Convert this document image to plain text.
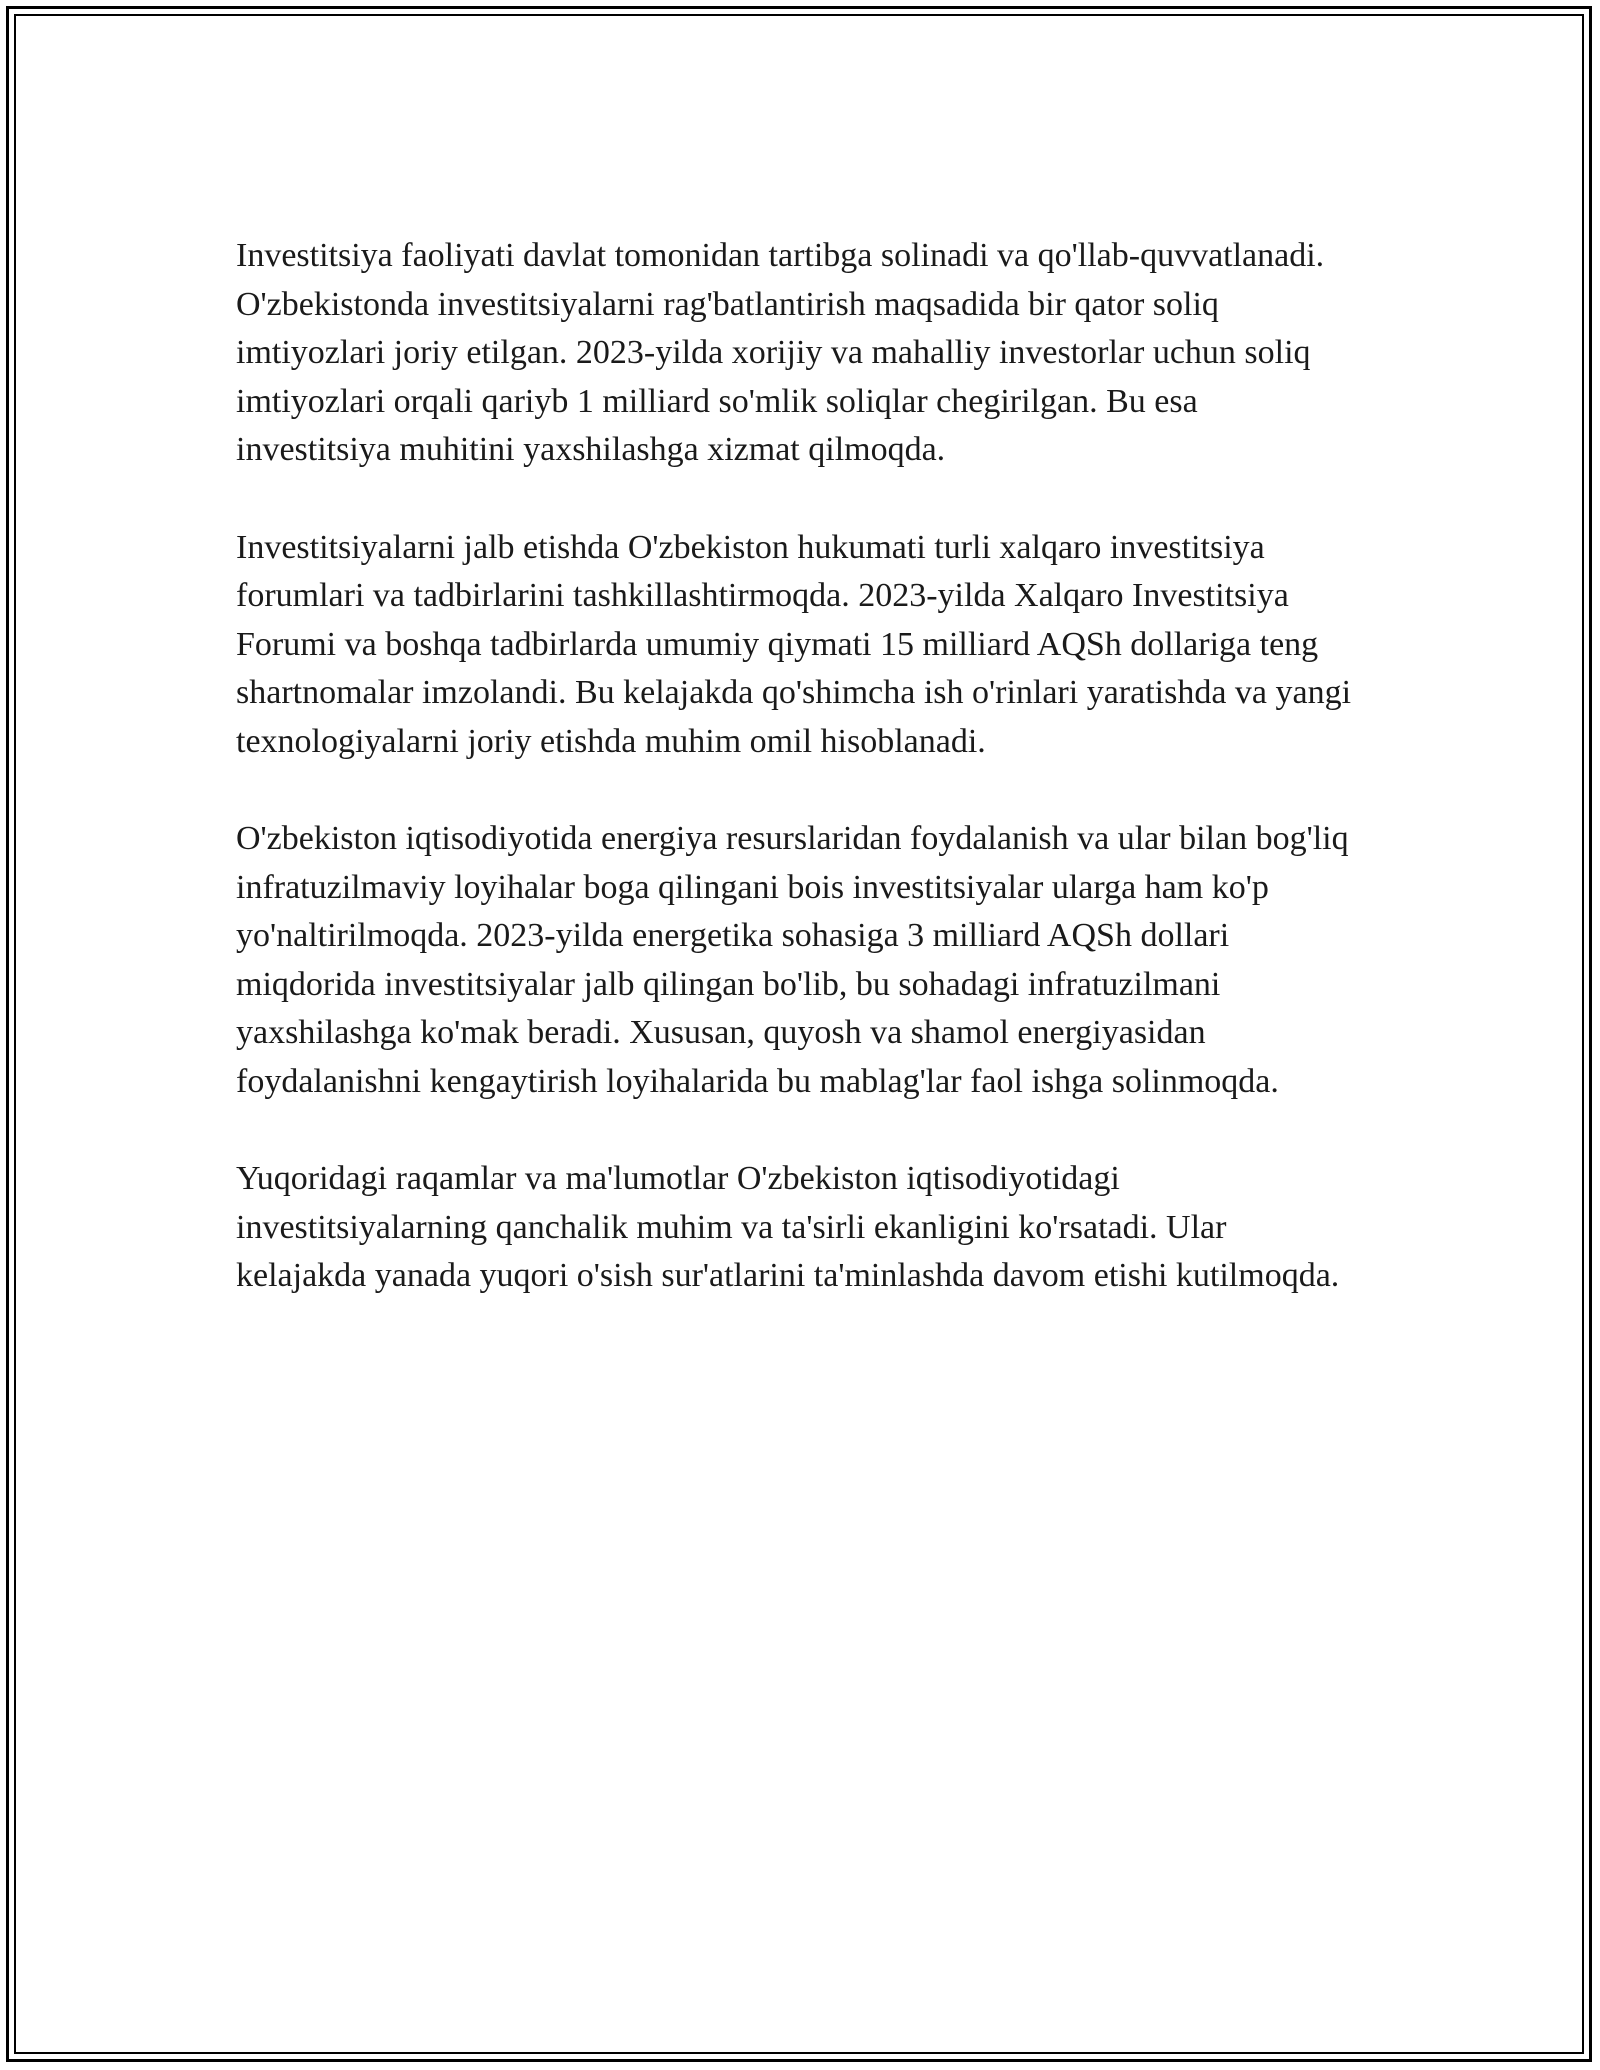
Investitsiya faoliyati davlat tomonidan tartibga solinadi va qo'llab-quvvatlanadi. O'zbekistonda investitsiyalarni rag'batlantirish maqsadida bir qator soliq imtiyozlari joriy etilgan. 2023-yilda xorijiy va mahalliy investorlar uchun soliq imtiyozlari orqali qariyb 1 milliard so'mlik soliqlar chegirilgan. Bu esa investitsiya muhitini yaxshilashga xizmat qilmoqda.

Investitsiyalarni jalb etishda O'zbekiston hukumati turli xalqaro investitsiya forumlari va tadbirlarini tashkillashtirmoqda. 2023-yilda Xalqaro Investitsiya Forumi va boshqa tadbirlarda umumiy qiymati 15 milliard AQSh dollariga teng shartnomalar imzolandi. Bu kelajakda qo'shimcha ish o'rinlari yaratishda va yangi texnologiyalarni joriy etishda muhim omil hisoblanadi.

O'zbekiston iqtisodiyotida energiya resurslaridan foydalanish va ular bilan bog'liq infratuzilmaviy loyihalar boga qilingani bois investitsiyalar ularga ham ko'p yo'naltirilmoqda. 2023-yilda energetika sohasiga 3 milliard AQSh dollari miqdorida investitsiyalar jalb qilingan bo'lib, bu sohadagi infratuzilmani yaxshilashga ko'mak beradi. Xususan, quyosh va shamol energiyasidan foydalanishni kengaytirish loyihalarida bu mablag'lar faol ishga solinmoqda.

Yuqoridagi raqamlar va ma'lumotlar O'zbekiston iqtisodiyotidagi investitsiyalarning qanchalik muhim va ta'sirli ekanligini ko'rsatadi. Ular kelajakda yanada yuqori o'sish sur'atlarini ta'minlashda davom etishi kutilmoqda.
